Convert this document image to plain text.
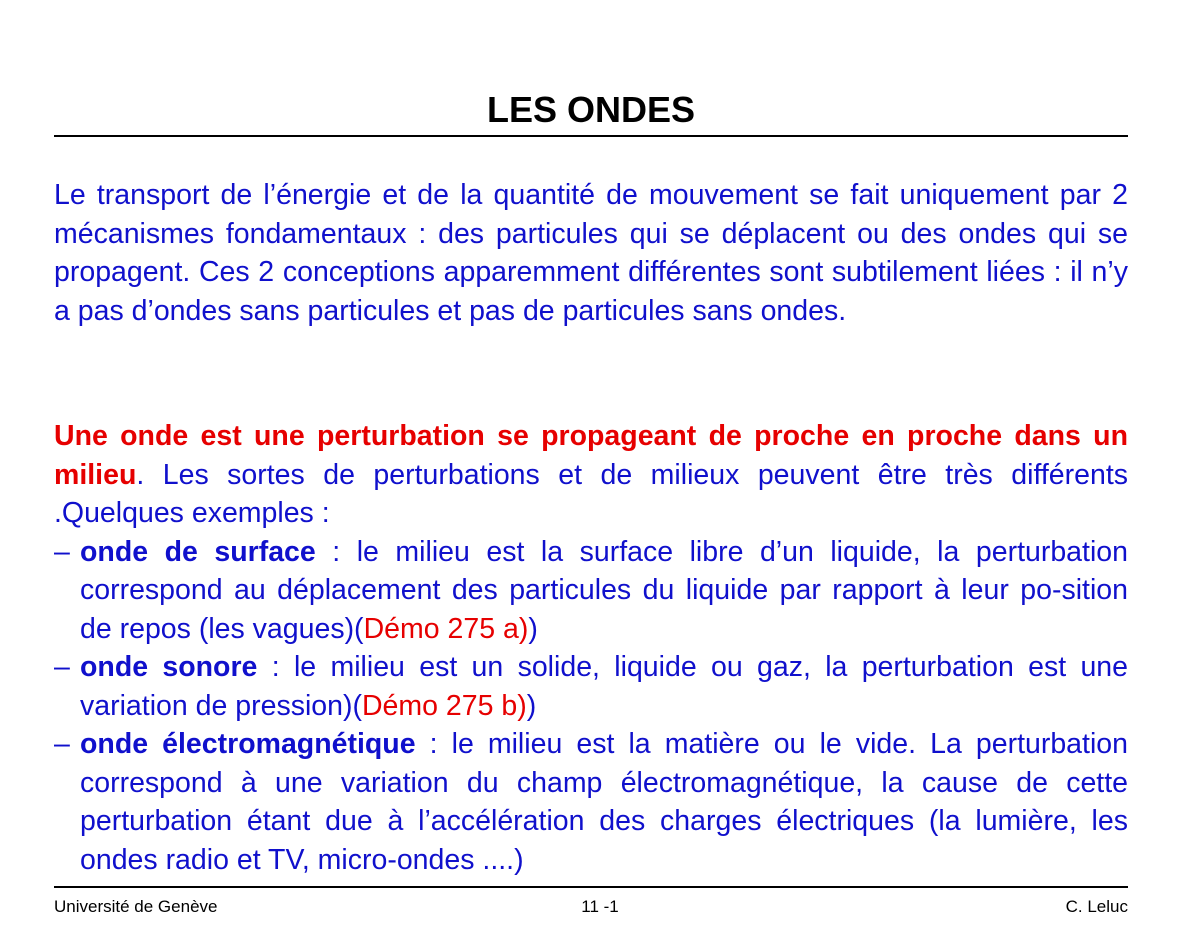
LES ONDES
Le transport de l’énergie et de la quantité de mouvement se fait uniquement par 2 mécanismes fondamentaux : des particules qui se déplacent ou des ondes qui se propagent. Ces 2 conceptions apparemment différentes sont subtilement liées : il n’y a pas d’ondes sans particules et pas de particules sans ondes.
Une onde est une perturbation se propageant de proche en proche dans un milieu. Les sortes de perturbations et de milieux peuvent être très différents .Quelques exemples :
– onde de surface : le milieu est la surface libre d’un liquide, la perturbation correspond au déplacement des particules du liquide par rapport à leur po-sition de repos (les vagues)(Démo 275 a))
– onde sonore : le milieu est un solide, liquide ou gaz, la perturbation est une variation de pression)(Démo 275 b))
– onde électromagnétique : le milieu est la matière ou le vide. La perturbation correspond à une variation du champ électromagnétique, la cause de cette perturbation étant due à l’accélération des charges électriques (la lumière, les ondes radio et TV, micro-ondes ....)
Université de Genève	11 -1	C. Leluc
